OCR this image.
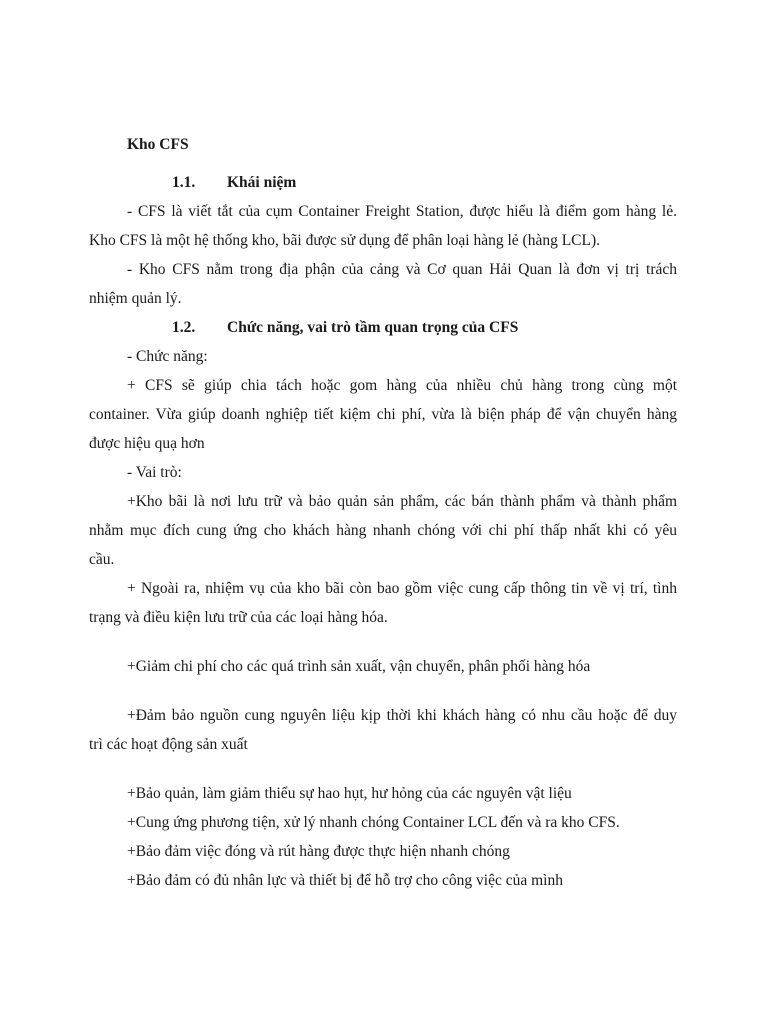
Kho CFS
1.1. Khái niệm
- CFS là viết tắt của cụm Container Freight Station, được hiểu là điểm gom hàng lẻ.
Kho CFS là một hệ thống kho, bãi được sử dụng để phân loại hàng lẻ (hàng LCL).
- Kho CFS nằm trong địa phận của cảng và Cơ quan Hải Quan là đơn vị trị trách
nhiệm quản lý.
1.2. Chức năng, vai trò tầm quan trọng của CFS
- Chức năng:
+ CFS sẽ giúp chia tách hoặc gom hàng của nhiều chủ hàng trong cùng một
container. Vừa giúp doanh nghiệp tiết kiệm chi phí, vừa là biện pháp để vận chuyển hàng
được hiệu quạ hơn
- Vai trò:
+Kho bãi là nơi lưu trữ và bảo quản sản phẩm, các bán thành phẩm và thành phẩm
nhằm mục đích cung ứng cho khách hàng nhanh chóng với chi phí thấp nhất khi có yêu
cầu.
+ Ngoài ra, nhiệm vụ của kho bãi còn bao gồm việc cung cấp thông tin về vị trí, tình
trạng và điều kiện lưu trữ của các loại hàng hóa.
+Giảm chi phí cho các quá trình sản xuất, vận chuyển, phân phối hàng hóa
+Đảm bảo nguồn cung nguyên liệu kịp thời khi khách hàng có nhu cầu hoặc để duy
trì các hoạt động sản xuất
+Bảo quản, làm giảm thiểu sự hao hụt, hư hỏng của các nguyên vật liệu
+Cung ứng phương tiện, xử lý nhanh chóng Container LCL đến và ra kho CFS.
+Bảo đảm việc đóng và rút hàng được thực hiện nhanh chóng
+Bảo đảm có đủ nhân lực và thiết bị để hỗ trợ cho công việc của mình
